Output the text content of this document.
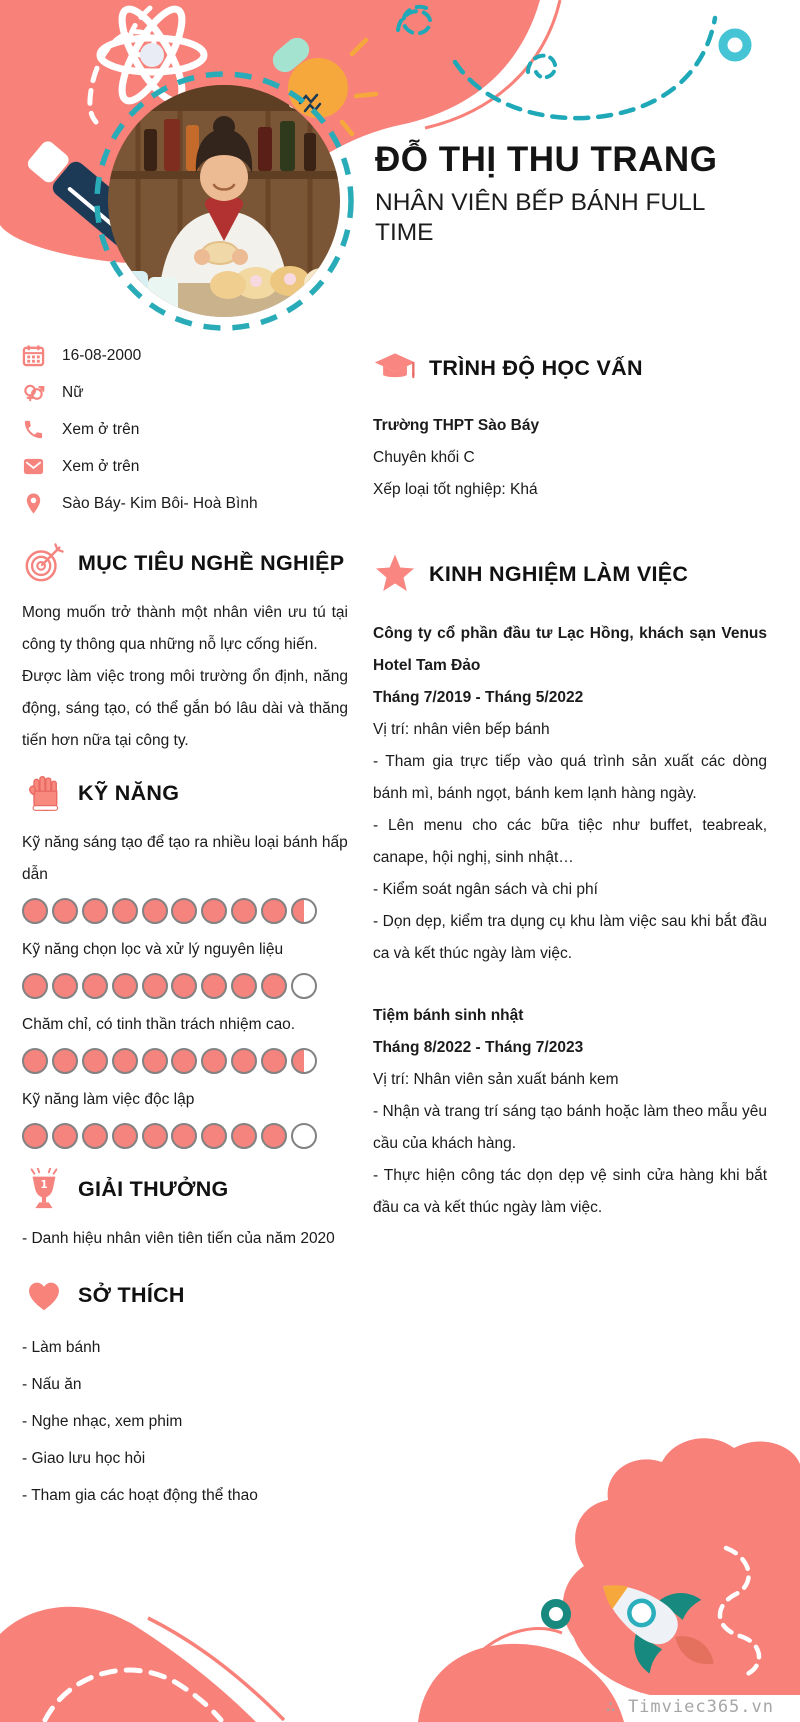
ĐỖ THỊ THU TRANG
NHÂN VIÊN BẾP BÁNH FULL TIME
16-08-2000
Nữ
Xem ở trên
Xem ở trên
Sào Báy- Kim Bôi- Hoà Bình
MỤC TIÊU NGHỀ NGHIỆP
Mong muốn trở thành một nhân viên ưu tú tại công ty thông qua những nỗ lực cống hiến.
Được làm việc trong môi trường ổn định, năng động, sáng tạo, có thể gắn bó lâu dài và thăng tiến hơn nữa tại công ty.
KỸ NĂNG
Kỹ năng sáng tạo để tạo ra nhiều loại bánh hấp dẫn
Kỹ năng chọn lọc và xử lý nguyên liệu
Chăm chỉ, có tinh thần trách nhiệm cao.
Kỹ năng làm việc độc lập
1 GIẢI THƯỞNG
- Danh hiệu nhân viên tiên tiến của năm 2020
SỞ THÍCH
- Làm bánh
- Nấu ăn
- Nghe nhạc, xem phim
- Giao lưu học hỏi
- Tham gia các hoạt động thể thao
TRÌNH ĐỘ HỌC VẤN
Trường THPT Sào Báy
Chuyên khối C
Xếp loại tốt nghiệp: Khá
KINH NGHIỆM LÀM VIỆC
Công ty cổ phần đầu tư Lạc Hồng, khách sạn Venus Hotel Tam Đảo
Tháng 7/2019 - Tháng 5/2022
Vị trí: nhân viên bếp bánh
- Tham gia trực tiếp vào quá trình sản xuất các dòng bánh mì, bánh ngọt, bánh kem lạnh hàng ngày.
- Lên menu cho các bữa tiệc như buffet, teabreak, canape, hội nghị, sinh nhật…
- Kiểm soát ngân sách và chi phí
- Dọn dẹp, kiểm tra dụng cụ khu làm việc sau khi bắt đầu ca và kết thúc ngày làm việc.
Tiệm bánh sinh nhật
Tháng 8/2022 - Tháng 7/2023
Vị trí: Nhân viên sản xuất bánh kem
- Nhận và trang trí sáng tạo bánh hoặc làm theo mẫu yêu cầu của khách hàng.
- Thực hiện công tác dọn dẹp vệ sinh cửa hàng khi bắt đầu ca và kết thúc ngày làm việc.
∴ Timviec365.vn
